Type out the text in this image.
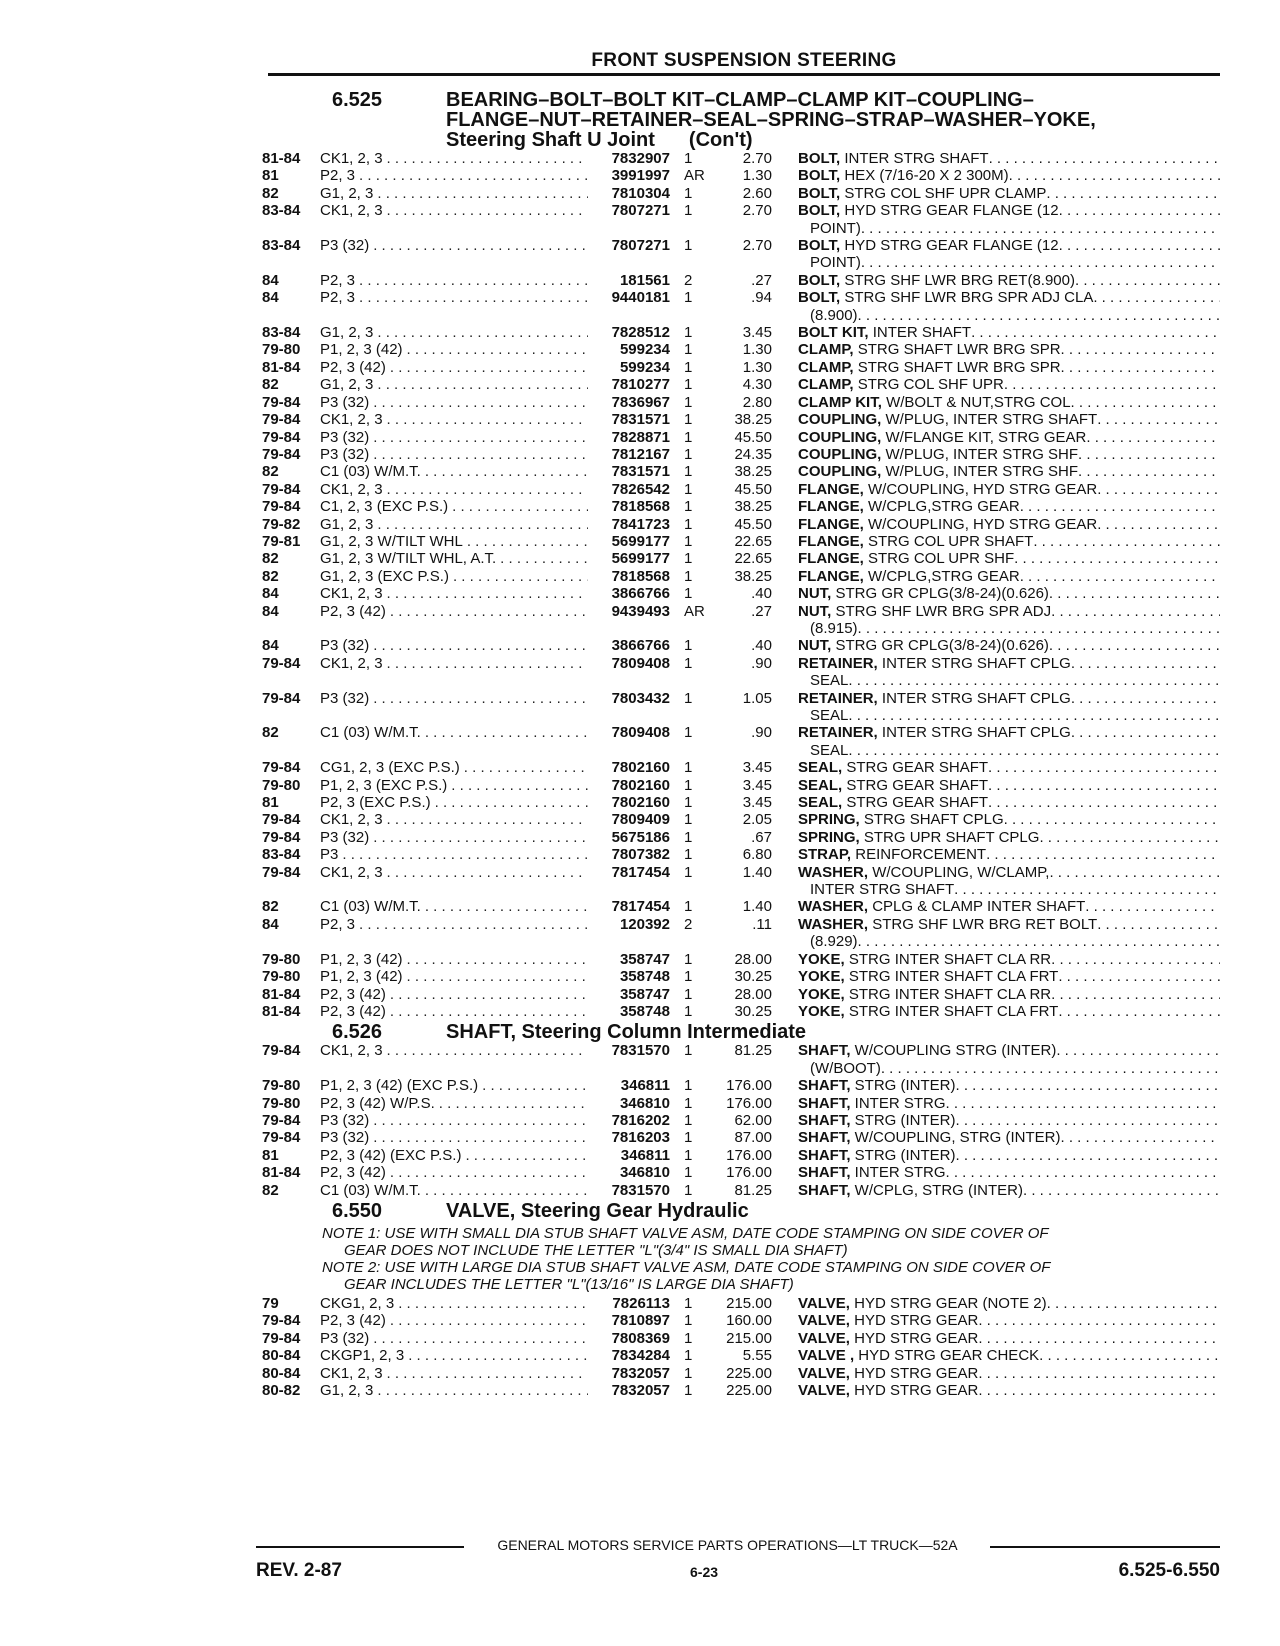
FRONT SUSPENSION STEERING
6.525	BEARING–BOLT–BOLT KIT–CLAMP–CLAMP KIT–COUPLING–
FLANGE–NUT–RETAINER–SEAL–SPRING–STRAP–WASHER–YOKE,
Steering Shaft U Joint (Con't)
81-84	CK1, 2, 3 . . .	7832907 1	2.70 BOLT, INTER STRG SHAFT
. . .
81	P2, 3 . . .	3991997 AR	1.30 BOLT, HEX (7/16-20 X 2 300M)
. . .
82	G1, 2, 3 . . .	7810304 1	2.60 BOLT, STRG COL SHF UPR CLAMP
. . .
83-84	CK1, 2, 3 . . .	7807271 1	2.70 BOLT, HYD STRG GEAR FLANGE (12
. . .
POINT)
. . .
83-84	P3 (32) . . .	7807271 1	2.70 BOLT, HYD STRG GEAR FLANGE (12
. . .
POINT)
. . .
84	P2, 3 . . .	181561 2	.27 BOLT, STRG SHF LWR BRG RET(8.900)
. . .
84	P2, 3 . . .	9440181 1	.94 BOLT, STRG SHF LWR BRG SPR ADJ CLA
. . .
(8.900)
. . .
83-84	G1, 2, 3 . . .	7828512 1	3.45 BOLT KIT, INTER SHAFT
. . .
79-80	P1, 2, 3 (42) . . .	599234 1	1.30 CLAMP, STRG SHAFT LWR BRG SPR
. . .
81-84	P2, 3 (42) . . .	599234 1	1.30 CLAMP, STRG SHAFT LWR BRG SPR
. . .
82	G1, 2, 3 . . .	7810277 1	4.30 CLAMP, STRG COL SHF UPR
. . .
79-84	P3 (32) . . .	7836967 1	2.80 CLAMP KIT, W/BOLT & NUT,STRG COL
. . .
79-84	CK1, 2, 3 . . .	7831571 1	38.25 COUPLING, W/PLUG, INTER STRG SHAFT
. . .
79-84	P3 (32) . . .	7828871 1	45.50 COUPLING, W/FLANGE KIT, STRG GEAR
. . .
79-84	P3 (32) . . .	7812167 1	24.35 COUPLING, W/PLUG, INTER STRG SHF
. . .
82	C1 (03) W/M.T. . . .	7831571 1	38.25 COUPLING, W/PLUG, INTER STRG SHF
. . .
79-84	CK1, 2, 3 . . .	7826542 1	45.50 FLANGE, W/COUPLING, HYD STRG GEAR
. . .
79-84	C1, 2, 3 (EXC P.S.) . . .	7818568 1	38.25 FLANGE, W/CPLG,STRG GEAR
. . .
79-82	G1, 2, 3 . . .	7841723 1	45.50 FLANGE, W/COUPLING, HYD STRG GEAR
. . .
79-81	G1, 2, 3 W/TILT WHL . . .	5699177 1	22.65 FLANGE, STRG COL UPR SHAFT
. . .
82	G1, 2, 3 W/TILT WHL, A.T. . . .	5699177 1	22.65 FLANGE, STRG COL UPR SHF
. . .
82	G1, 2, 3 (EXC P.S.) . . .	7818568 1	38.25 FLANGE, W/CPLG,STRG GEAR
. . .
84	CK1, 2, 3 . . .	3866766 1	.40 NUT, STRG GR CPLG(3/8-24)(0.626)
. . .
84	P2, 3 (42) . . .	9439493 AR	.27 NUT, STRG SHF LWR BRG SPR ADJ
. . .
(8.915)
. . .
84	P3 (32) . . .	3866766 1	.40 NUT, STRG GR CPLG(3/8-24)(0.626)
. . .
79-84	CK1, 2, 3 . . .	7809408 1	.90 RETAINER, INTER STRG SHAFT CPLG
. . .
SEAL
. . .
79-84	P3 (32) . . .	7803432 1	1.05 RETAINER, INTER STRG SHAFT CPLG
. . .
SEAL
. . .
82	C1 (03) W/M.T. . . .	7809408 1	.90 RETAINER, INTER STRG SHAFT CPLG
. . .
SEAL
. . .
79-84	CG1, 2, 3 (EXC P.S.) . . .	7802160 1	3.45 SEAL, STRG GEAR SHAFT
. . .
79-80	P1, 2, 3 (EXC P.S.) . . .	7802160 1	3.45 SEAL, STRG GEAR SHAFT
. . .
81	P2, 3 (EXC P.S.) . . .	7802160 1	3.45 SEAL, STRG GEAR SHAFT
. . .
79-84	CK1, 2, 3 . . .	7809409 1	2.05 SPRING, STRG SHAFT CPLG
. . .
79-84	P3 (32) . . .	5675186 1	.67 SPRING, STRG UPR SHAFT CPLG
. . .
83-84	P3 . . .	7807382 1	6.80 STRAP, REINFORCEMENT
. . .
79-84	CK1, 2, 3 . . .	7817454 1	1.40 WASHER, W/COUPLING, W/CLAMP,
. . .
INTER STRG SHAFT
. . .
82	C1 (03) W/M.T. . . .	7817454 1	1.40 WASHER, CPLG & CLAMP INTER SHAFT
. . .
84	P2, 3 . . .	120392 2	.11 WASHER, STRG SHF LWR BRG RET BOLT
. . .
(8.929)
. . .
79-80	P1, 2, 3 (42) . . .	358747 1	28.00 YOKE, STRG INTER SHAFT CLA RR
. . .
79-80	P1, 2, 3 (42) . . .	358748 1	30.25 YOKE, STRG INTER SHAFT CLA FRT
. . .
81-84	P2, 3 (42) . . .	358747 1	28.00 YOKE, STRG INTER SHAFT CLA RR
. . .
81-84	P2, 3 (42) . . .	358748 1	30.25 YOKE, STRG INTER SHAFT CLA FRT
. . .
6.526	SHAFT, Steering Column Intermediate
79-84	CK1, 2, 3 . . .	7831570 1	81.25 SHAFT, W/COUPLING STRG (INTER)
. . .
(W/BOOT)
. . .
79-80	P1, 2, 3 (42) (EXC P.S.) . . .	346811 1	176.00 SHAFT, STRG (INTER)
. . .
79-80	P2, 3 (42) W/P.S. . . .	346810 1	176.00 SHAFT, INTER STRG
. . .
79-84	P3 (32) . . .	7816202 1	62.00 SHAFT, STRG (INTER)
. . .
79-84	P3 (32) . . .	7816203 1	87.00 SHAFT, W/COUPLING, STRG (INTER)
. . .
81	P2, 3 (42) (EXC P.S.) . . .	346811 1	176.00 SHAFT, STRG (INTER)
. . .
81-84	P2, 3 (42) . . .	346810 1	176.00 SHAFT, INTER STRG
. . .
82	C1 (03) W/M.T. . . .	7831570 1	81.25 SHAFT, W/CPLG, STRG (INTER)
. . .
6.550	VALVE, Steering Gear Hydraulic
NOTE 1: USE WITH SMALL DIA STUB SHAFT VALVE ASM, DATE CODE STAMPING ON SIDE COVER OF
GEAR DOES NOT INCLUDE THE LETTER "L"(3/4" IS SMALL DIA SHAFT)
NOTE 2: USE WITH LARGE DIA STUB SHAFT VALVE ASM, DATE CODE STAMPING ON SIDE COVER OF
GEAR INCLUDES THE LETTER "L"(13/16" IS LARGE DIA SHAFT)
79	CKG1, 2, 3 . . .	7826113 1	215.00 VALVE, HYD STRG GEAR (NOTE 2)
. . .
79-84	P2, 3 (42) . . .	7810897 1	160.00 VALVE, HYD STRG GEAR
. . .
79-84	P3 (32) . . .	7808369 1	215.00 VALVE, HYD STRG GEAR
. . .
80-84	CKGP1, 2, 3 . . .	7834284 1	5.55 VALVE , HYD STRG GEAR CHECK
. . .
80-84	CK1, 2, 3 . . .	7832057 1	225.00 VALVE, HYD STRG GEAR
. . .
80-82	G1, 2, 3 . . .	7832057 1	225.00 VALVE, HYD STRG GEAR
. . .
GENERAL MOTORS SERVICE PARTS OPERATIONS—LT TRUCK—52A
REV. 2-87	6-23	6.525-6.550
